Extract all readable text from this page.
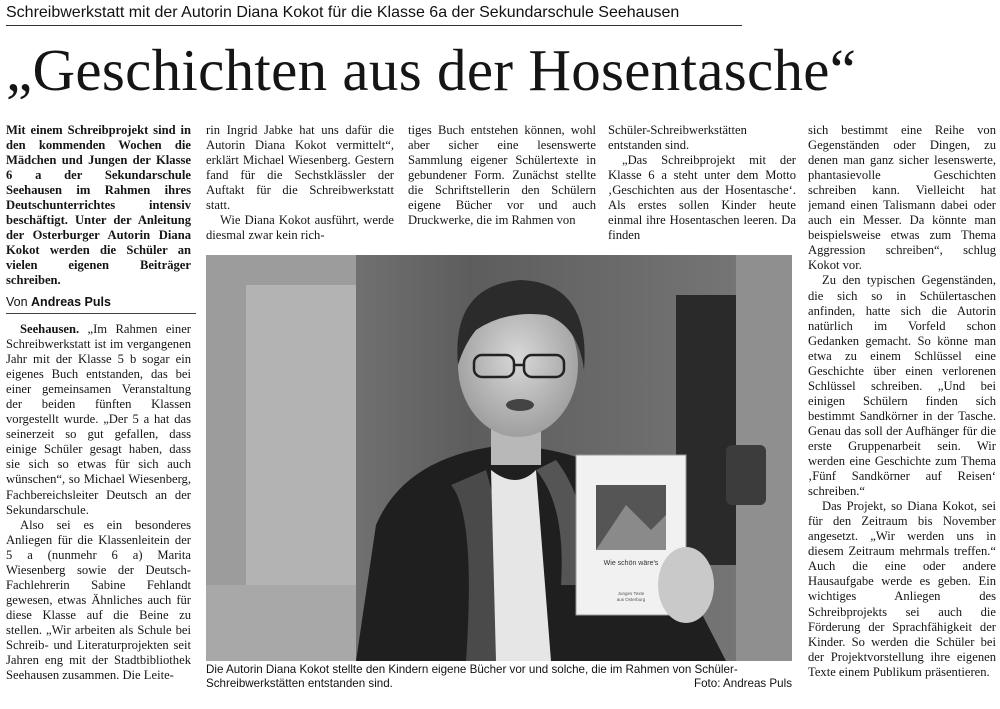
Schreibwerkstatt mit der Autorin Diana Kokot für die Klasse 6a der Sekundarschule Seehausen
„Geschichten aus der Hosentasche“

Mit einem Schreibprojekt sind in den kommenden Wochen die Mädchen und Jungen der Klasse 6 a der Sekundarschule Seehausen im Rahmen ihres Deutschunterrichtes intensiv beschäftigt. Unter der Anleitung der Osterburger Autorin Diana Kokot werden die Schüler an vielen eigenen Beiträger schreiben.

Von Andreas Puls

Seehausen. „Im Rahmen einer Schreibwerkstatt ist im vergangenen Jahr mit der Klasse 5 b sogar ein eigenes Buch entstanden, das bei einer gemeinsamen Veranstaltung der beiden fünften Klassen vorgestellt wurde. „Der 5 a hat das seinerzeit so gut gefallen, dass einige Schüler gesagt haben, dass sie sich so etwas für sich auch wünschen“, so Michael Wiesenberg, Fachbereichsleiter Deutsch an der Sekundarschule.

Also sei es ein besonderes Anliegen für die Klassenleitein der 5 a (nunmehr 6 a) Marita Wiesenberg sowie der Deutsch-Fachlehrerin Sabine Fehlandt gewesen, etwas Ähnliches auch für diese Klasse auf die Beine zu stellen. „Wir arbeiten als Schule bei Schreib- und Literaturprojekten seit Jahren eng mit der Stadtbibliothek Seehausen zusammen. Die Leite-

rin Ingrid Jabke hat uns dafür die Autorin Diana Kokot vermittelt“, erklärt Michael Wiesenberg. Gestern fand für die Sechstklässler der Auftakt für die Schreibwerkstatt statt.

Wie Diana Kokot ausführt, werde diesmal zwar kein rich-

tiges Buch entstehen können, wohl aber sicher eine lesenswerte Sammlung eigener Schülertexte in gebundener Form. Zunächst stellte die Schriftstellerin den Schülern eigene Bücher vor und auch Druckwerke, die im Rahmen von

Schüler-Schreibwerkstätten entstanden sind.

„Das Schreibprojekt mit der Klasse 6 a steht unter dem Motto ‚Geschichten aus der Hosentasche‘. Als erstes sollen Kinder heute einmal ihre Hosentaschen leeren. Da finden

sich bestimmt eine Reihe von Gegenständen oder Dingen, zu denen man ganz sicher lesenswerte, phantasievolle Geschichten schreiben kann. Vielleicht hat jemand einen Talismann dabei oder auch ein Messer. Da könnte man beispielsweise etwas zum Thema Aggression schreiben“, schlug Kokot vor.

Zu den typischen Gegenständen, die sich so in Schülertaschen anfinden, hatte sich die Autorin natürlich im Vorfeld schon Gedanken gemacht. So könne man etwa zu einem Schlüssel eine Geschichte über einen verlorenen Schlüssel schreiben. „Und bei einigen Schülern finden sich bestimmt Sandkörner in der Tasche. Genau das soll der Aufhänger für die erste Gruppenarbeit sein. Wir werden eine Geschichte zum Thema ‚Fünf Sandkörner auf Reisen‘ schreiben.“

Das Projekt, so Diana Kokot, sei für den Zeitraum bis November angesetzt. „Wir werden uns in diesem Zeitraum mehrmals treffen.“ Auch die eine oder andere Hausaufgabe werde es geben. Ein wichtiges Anliegen des Schreibprojekts sei auch die Förderung der Sprachfähigkeit der Kinder. So werden die Schüler bei der Projektvorstellung ihre eigenen Texte einem Publikum präsentieren.

Wie schön wäre's
Junges Texte
aus Osterburg
Die Autorin Diana Kokot stellte den Kindern eigene Bücher vor und solche, die im Rahmen von Schüler-Schreibwerkstätten entstanden sind.	Foto: Andreas Puls
